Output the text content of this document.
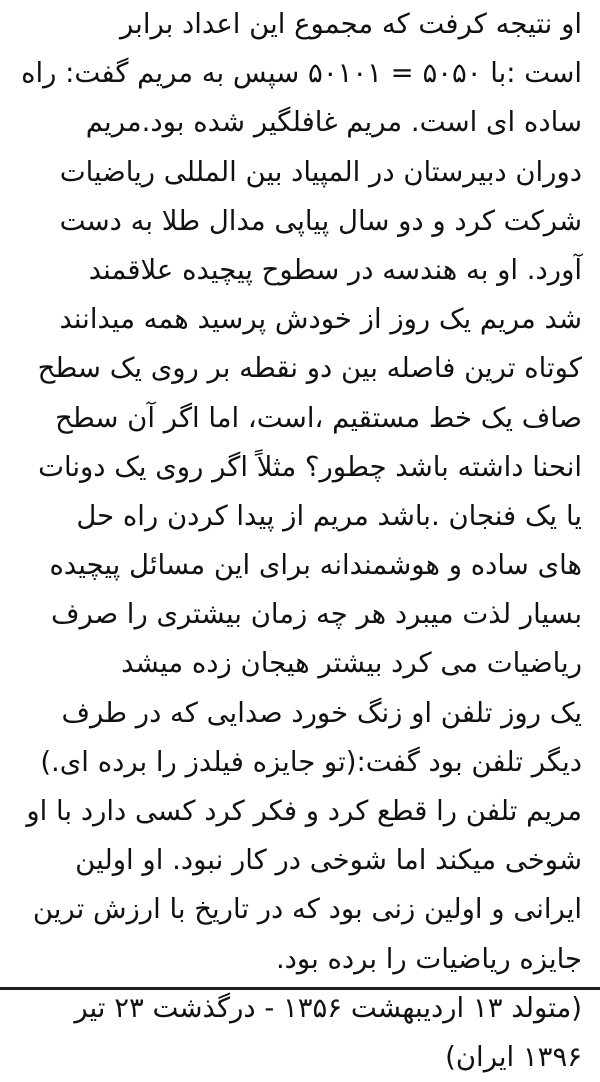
او نتیجه کرفت که مجموع این اعداد برابر
است :با ۵۰۵۰ = ۵۰۱۰۱ سپس به مریم گفت: راه
ساده ای است. مریم غافلگیر شده بود.مریم
دوران دبیرستان در المپیاد بین المللی ریاضیات
شرکت کرد و دو سال پیاپی مدال طلا به دست
آورد. او به هندسه در سطوح پیچیده علاقمند
شد مریم یک روز از خودش پرسید همه میدانند
کوتاه ترین فاصله بین دو نقطه بر روی یک سطح
صاف یک خط مستقیم ،است، اما اگر آن سطح
انحنا داشته باشد چطور؟ مثلاً اگر روی یک دونات
یا یک فنجان .باشد مریم از پیدا کردن راه حل
های ساده و هوشمندانه برای این مسائل پیچیده
بسیار لذت میبرد هر چه زمان بیشتری را صرف
ریاضیات می کرد بیشتر هیجان زده میشد
یک روز تلفن او زنگ خورد صدایی که در طرف
دیگر تلفن بود گفت:(تو جایزه فیلدز را برده ای.)
مریم تلفن را قطع کرد و فکر کرد کسی دارد با او
شوخی میکند اما شوخی در کار نبود. او اولین
ایرانی و اولین زنی بود که در تاریخ با ارزش ترین
جایزه ریاضیات را برده بود.
(متولد ۱۳ اردیبهشت ۱۳۵۶ - درگذشت ۲۳ تیر
۱۳۹۶ ایران)
